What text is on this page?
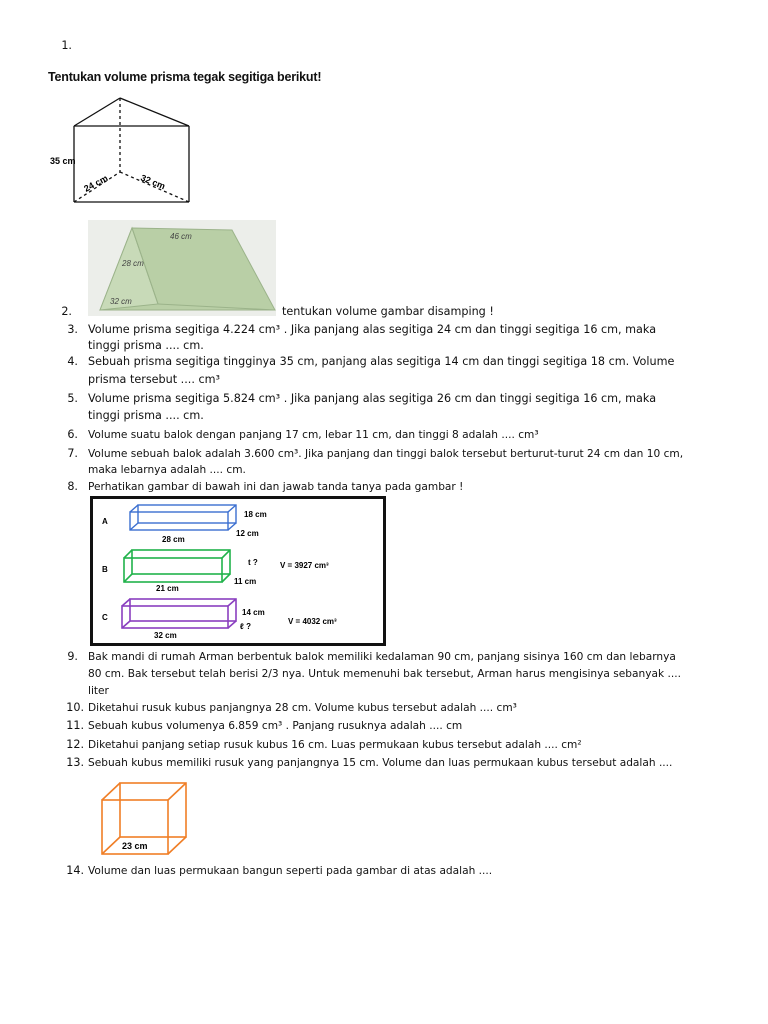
1.
Tentukan volume prisma tegak segitiga berikut!
35 cm
24 cm	32 cm
46 cm
28 cm
32 cm
2.	tentukan volume gambar disamping !
3. Volume prisma segitiga 4.224 cm³ . Jika panjang alas segitiga 24 cm dan tinggi segitiga 16 cm, maka
tinggi prisma .... cm.
4. Sebuah prisma segitiga tingginya 35 cm, panjang alas segitiga 14 cm dan tinggi segitiga 18 cm. Volume
prisma tersebut .... cm³
5. Volume prisma segitiga 5.824 cm³ . Jika panjang alas segitiga 26 cm dan tinggi segitiga 16 cm, maka
tinggi prisma .... cm.
6. Volume suatu balok dengan panjang 17 cm, lebar 11 cm, dan tinggi 8 adalah .... cm³
7. Volume sebuah balok adalah 3.600 cm³. Jika panjang dan tinggi balok tersebut berturut-turut 24 cm dan 10 cm,
maka lebarnya adalah .... cm.
8. Perhatikan gambar di bawah ini dan jawab tanda tanya pada gambar !
A
18 cm
12 cm
28 cm
B
t ?	V = 3927 cm³
11 cm
21 cm
C
14 cm
V = 4032 cm³
ℓ ?
32 cm
9. Bak mandi di rumah Arman berbentuk balok memiliki kedalaman 90 cm, panjang sisinya 160 cm dan lebarnya
80 cm. Bak tersebut telah berisi 2/3 nya. Untuk memenuhi bak tersebut, Arman harus mengisinya sebanyak ....
liter
10. Diketahui rusuk kubus panjangnya 28 cm. Volume kubus tersebut adalah .... cm³
11. Sebuah kubus volumenya 6.859 cm³ . Panjang rusuknya adalah .... cm
12. Diketahui panjang setiap rusuk kubus 16 cm. Luas permukaan kubus tersebut adalah .... cm²
13. Sebuah kubus memiliki rusuk yang panjangnya 15 cm. Volume dan luas permukaan kubus tersebut adalah ....
23 cm
14. Volume dan luas permukaan bangun seperti pada gambar di atas adalah ....
